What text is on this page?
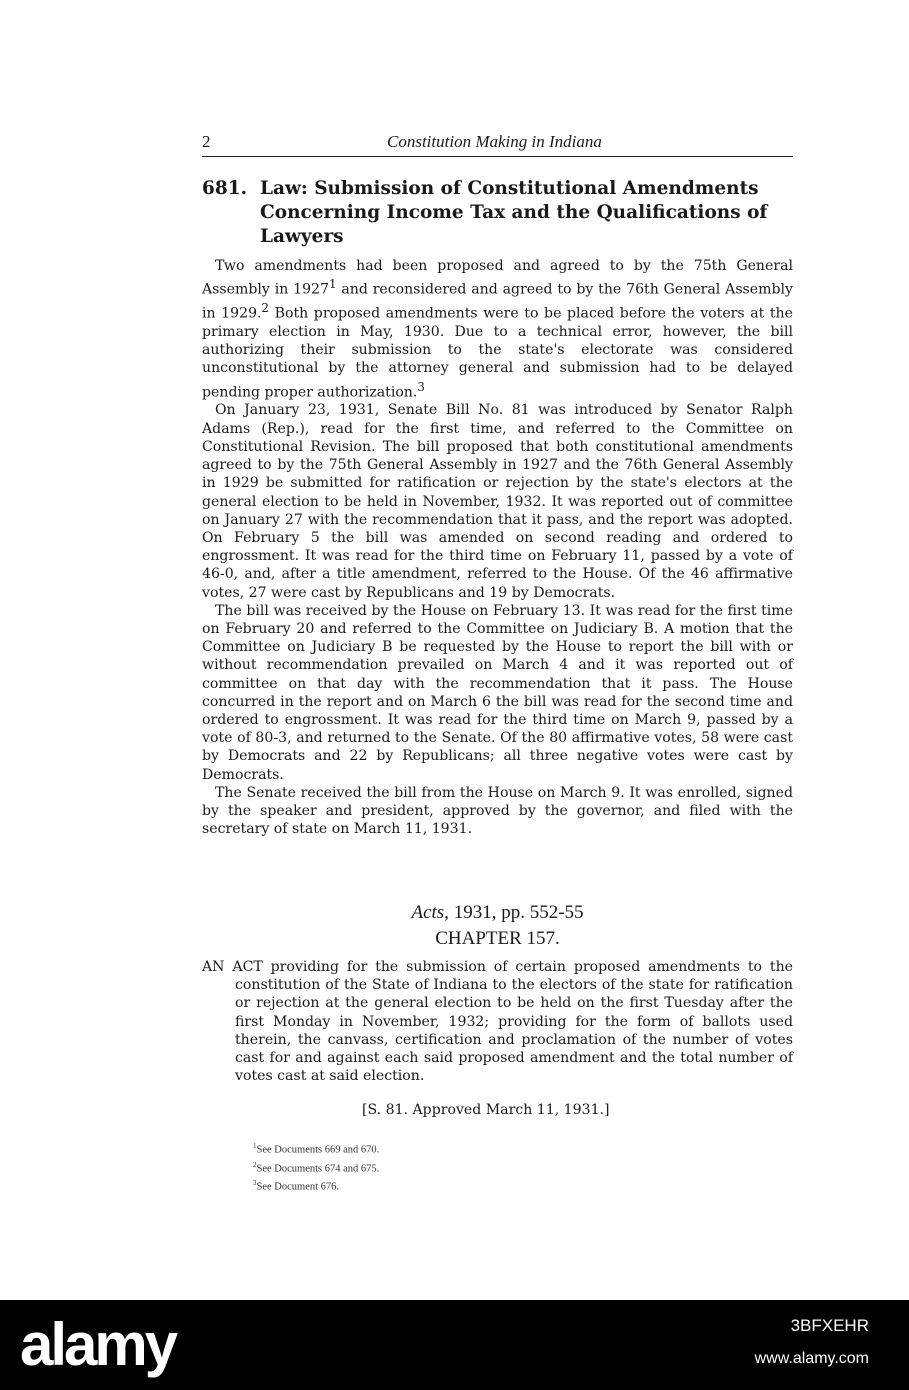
2	Constitution Making in Indiana
681. Law: Submission of Constitutional Amendments Concerning Income Tax and the Qualifications of Lawyers

Two amendments had been proposed and agreed to by the 75th General Assembly in 1927$^1$ and reconsidered and agreed to by the 76th General Assembly in 1929.$^2$ Both proposed amendments were to be placed before the voters at the primary election in May, 1930. Due to a technical error, however, the bill authorizing their submission to the state's electorate was considered unconstitutional by the attorney general and submission had to be delayed pending proper authorization.$^3$

On January 23, 1931, Senate Bill No. 81 was introduced by Senator Ralph Adams (Rep.), read for the first time, and referred to the Committee on Constitutional Revision. The bill proposed that both constitutional amendments agreed to by the 75th General Assembly in 1927 and the 76th General Assembly in 1929 be submitted for ratification or rejection by the state's electors at the general election to be held in November, 1932. It was reported out of committee on January 27 with the recommendation that it pass, and the report was adopted. On February 5 the bill was amended on second reading and ordered to engrossment. It was read for the third time on February 11, passed by a vote of 46-0, and, after a title amendment, referred to the House. Of the 46 affirmative votes, 27 were cast by Republicans and 19 by Democrats.

The bill was received by the House on February 13. It was read for the first time on February 20 and referred to the Committee on Judiciary B. A motion that the Committee on Judiciary B be requested by the House to report the bill with or without recommendation prevailed on March 4 and it was reported out of committee on that day with the recommendation that it pass. The House concurred in the report and on March 6 the bill was read for the second time and ordered to engrossment. It was read for the third time on March 9, passed by a vote of 80-3, and returned to the Senate. Of the 80 affirmative votes, 58 were cast by Democrats and 22 by Republicans; all three negative votes were cast by Democrats.

The Senate received the bill from the House on March 9. It was enrolled, signed by the speaker and president, approved by the governor, and filed with the secretary of state on March 11, 1931.

Acts, 1931, pp. 552-55
CHAPTER 157.

AN ACT providing for the submission of certain proposed amendments to the constitution of the State of Indiana to the electors of the state for ratification or rejection at the general election to be held on the first Tuesday after the first Monday in November, 1932; providing for the form of ballots used therein, the canvass, certification and proclamation of the number of votes cast for and against each said proposed amendment and the total number of votes cast at said election.

[S. 81. Approved March 11, 1931.]
$^1$See Documents 669 and 670.
$^2$See Documents 674 and 675.
$^3$See Document 676.
alamy	3BFXEHR
www.alamy.com
